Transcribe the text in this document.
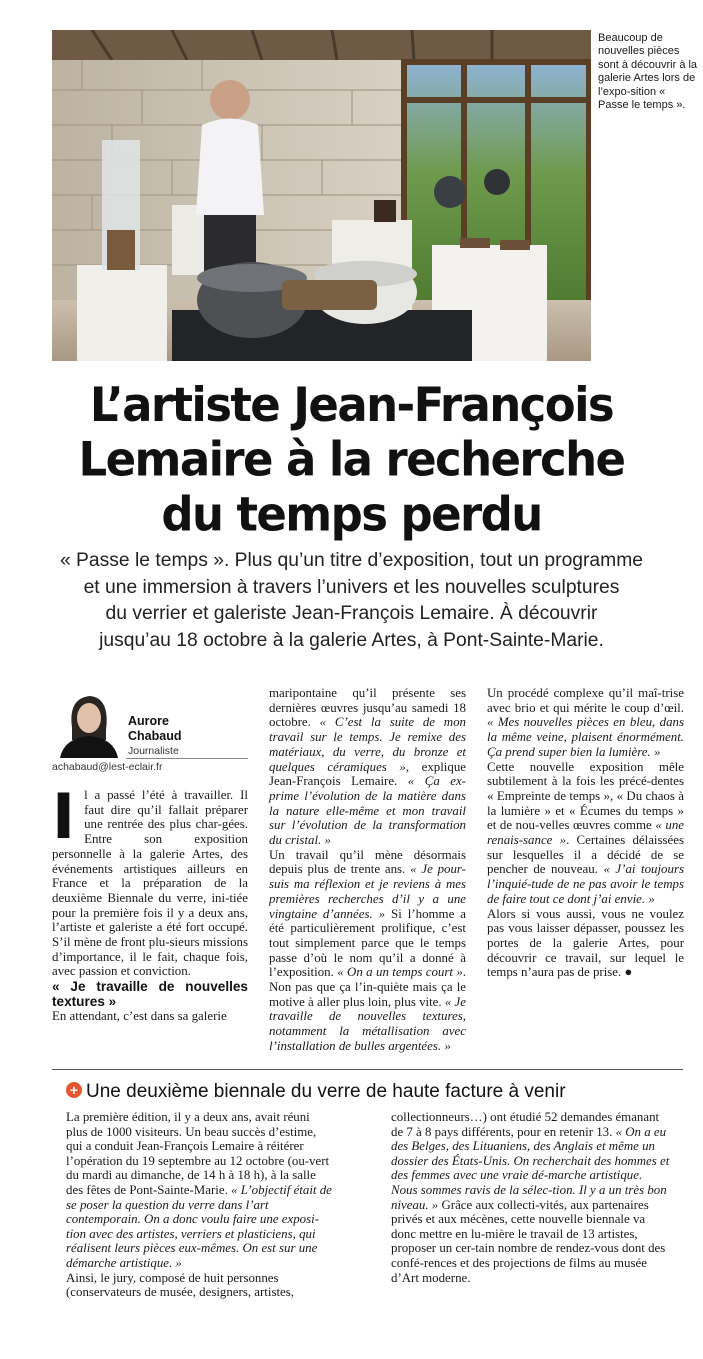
Beaucoup de nouvelles pièces sont à découvrir à la galerie Artes lors de l’expo-sition « Passe le temps ».
L’artiste Jean-François
Lemaire à la recherche
du temps perdu
« Passe le temps ». Plus qu’un titre d’exposition, tout un programme
et une immersion à travers l’univers et les nouvelles sculptures
du verrier et galeriste Jean-François Lemaire. À découvrir
jusqu’au 18 octobre à la galerie Artes, à Pont-Sainte-Marie.
Aurore
Chabaud
Journaliste
achabaud@lest-eclair.fr

Il a passé l’été à travailler. Il faut dire qu’il fallait préparer une rentrée des plus char-gées. Entre son exposition personnelle à la galerie Artes, des événements artistiques ailleurs en France et la préparation de la deuxième Biennale du verre, ini-tiée pour la première fois il y a deux ans, l’artiste et galeriste a été fort occupé. S’il mène de front plu-sieurs missions d’importance, il le fait, chaque fois, avec passion et conviction.

« Je travaille de nouvelles textures »

En attendant, c’est dans sa galerie

maripontaine qu’il présente ses dernières œuvres jusqu’au samedi 18 octobre. « C’est la suite de mon travail sur le temps. Je remixe des matériaux, du verre, du bronze et quelques céramiques », explique Jean-François Lemaire. « Ça ex-prime l’évolution de la matière dans la nature elle-même et mon travail sur l’évolution de la transformation du cristal. »

Un travail qu’il mène désormais depuis plus de trente ans. « Je pour-suis ma réflexion et je reviens à mes premières recherches d’il y a une vingtaine d’années. » Si l’homme a été particulièrement prolifique, c’est tout simplement parce que le temps passe d’où le nom qu’il a donné à l’exposition. « On a un temps court ». Non pas que ça l’in-quiète mais ça le motive à aller plus loin, plus vite. « Je travaille de nouvelles textures, notamment la métallisation avec l’installation de bulles argentées. »

Un procédé complexe qu’il maî-trise avec brio et qui mérite le coup d’œil. « Mes nouvelles pièces en bleu, dans la même veine, plaisent énormément. Ça prend super bien la lumière. »

Cette nouvelle exposition mêle subtilement à la fois les précé-dentes « Empreinte de temps », « Du chaos à la lumière » et « Écumes du temps » et de nou-velles œuvres comme « une renais-sance ». Certaines délaissées sur lesquelles il a décidé de se pencher de nouveau. « J’ai toujours l’inquié-tude de ne pas avoir le temps de faire tout ce dont j’ai envie. »

Alors si vous aussi, vous ne voulez pas vous laisser dépasser, poussez les portes de la galerie Artes, pour découvrir ce travail, sur lequel le temps n’aura pas de prise. ●

+ Une deuxième biennale du verre de haute facture à venir

La première édition, il y a deux ans, avait réuni plus de 1000 visiteurs. Un beau succès d’estime, qui a conduit Jean-François Lemaire à réitérer l’opération du 19 septembre au 12 octobre (ou-vert du mardi au dimanche, de 14 h à 18 h), à la salle des fêtes de Pont-Sainte-Marie. « L’objectif était de se poser la question du verre dans l’art contemporain. On a donc voulu faire une exposi-tion avec des artistes, verriers et plasticiens, qui réalisent leurs pièces eux-mêmes. On est sur une démarche artistique. »

Ainsi, le jury, composé de huit personnes (conservateurs de musée, designers, artistes,

collectionneurs…) ont étudié 52 demandes émanant de 7 à 8 pays différents, pour en retenir 13. « On a eu des Belges, des Lituaniens, des Anglais et même un dossier des États-Unis. On recherchait des hommes et des femmes avec une vraie dé-marche artistique. Nous sommes ravis de la sélec-tion. Il y a un très bon niveau. » Grâce aux collecti-vités, aux partenaires privés et aux mécènes, cette nouvelle biennale va donc mettre en lu-mière le travail de 13 artistes, proposer un cer-tain nombre de rendez-vous dont des confé-rences et des projections de films au musée d’Art moderne.
